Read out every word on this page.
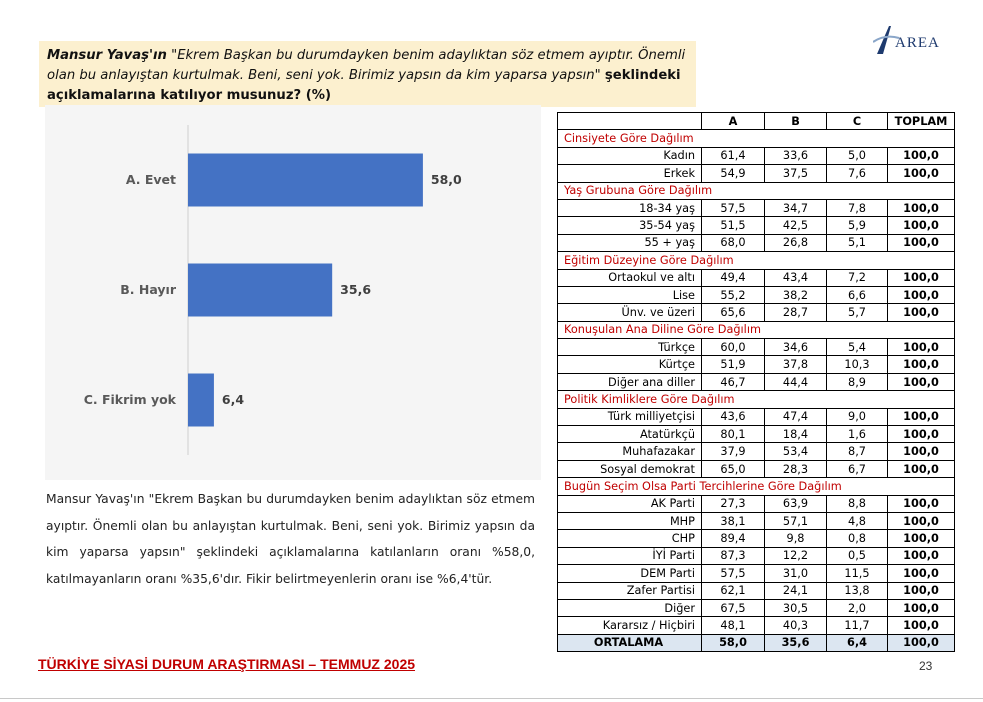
Mansur Yavaş'ın "Ekrem Başkan bu durumdayken benim adaylıktan söz etmem ayıptır. Önemli olan bu anlayıştan kurtulmak. Beni, seni yok. Birimiz yapsın da kim yaparsa yapsın" şeklindeki açıklamalarına katılıyor musunuz? (%)
AREA
A. Evet	58,0
B. Hayır	35,6
C. Fikrim yok	6,4
Mansur Yavaş'ın "Ekrem Başkan bu durumdayken benim adaylıktan söz etmem ayıptır. Önemli olan bu anlayıştan kurtulmak. Beni, seni yok. Birimiz yapsın da kim yaparsa yapsın" şeklindeki açıklamalarına katılanların oranı %58,0, katılmayanların oranı %35,6'dır. Fikir belirtmeyenlerin oranı ise %6,4'tür.
	A	B	C	TOPLAM
Cinsiyete Göre Dağılım				
Kadın	61,4	33,6	5,0	100,0
Erkek	54,9	37,5	7,6	100,0
Yaş Grubuna Göre Dağılım				
18-34 yaş	57,5	34,7	7,8	100,0
35-54 yaş	51,5	42,5	5,9	100,0
55 + yaş	68,0	26,8	5,1	100,0
Eğitim Düzeyine Göre Dağılım				
Ortaokul ve altı	49,4	43,4	7,2	100,0
Lise	55,2	38,2	6,6	100,0
Ünv. ve üzeri	65,6	28,7	5,7	100,0
Konuşulan Ana Diline Göre Dağılım				
Türkçe	60,0	34,6	5,4	100,0
Kürtçe	51,9	37,8	10,3	100,0
Diğer ana diller	46,7	44,4	8,9	100,0
Politik Kimliklere Göre Dağılım				
Türk milliyetçisi	43,6	47,4	9,0	100,0
Atatürkçü	80,1	18,4	1,6	100,0
Muhafazakar	37,9	53,4	8,7	100,0
Sosyal demokrat	65,0	28,3	6,7	100,0
Bugün Seçim Olsa Parti Tercihlerine Göre Dağılım				
AK Parti	27,3	63,9	8,8	100,0
MHP	38,1	57,1	4,8	100,0
CHP	89,4	9,8	0,8	100,0
İYİ Parti	87,3	12,2	0,5	100,0
DEM Parti	57,5	31,0	11,5	100,0
Zafer Partisi	62,1	24,1	13,8	100,0
Diğer	67,5	30,5	2,0	100,0
Kararsız / Hiçbiri	48,1	40,3	11,7	100,0
ORTALAMA	58,0	35,6	6,4	100,0
TÜRKİYE SİYASİ DURUM ARAŞTIRMASI – TEMMUZ 2025	23
